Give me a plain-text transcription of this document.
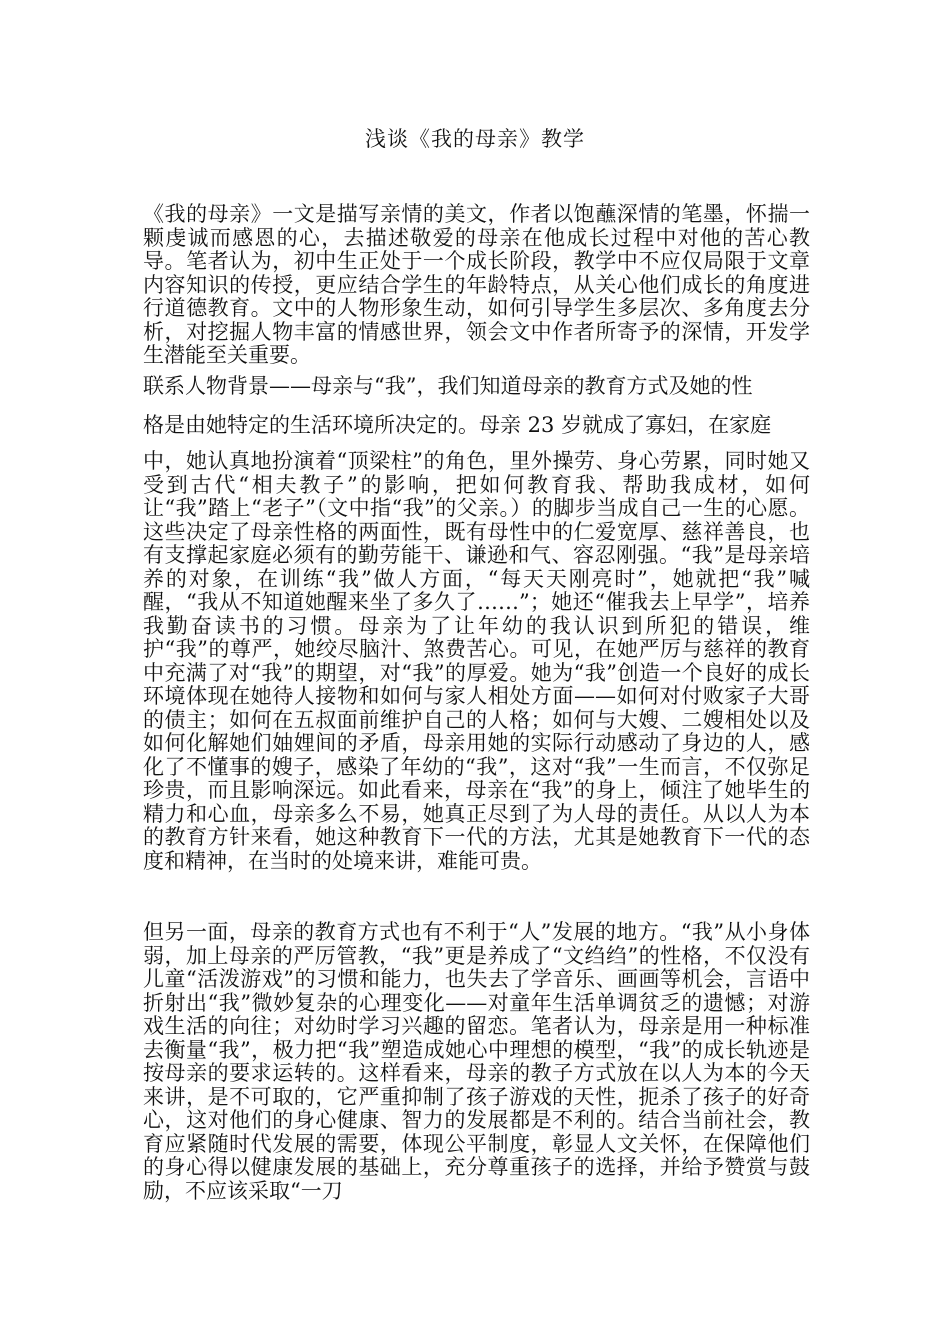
浅谈《我的母亲》教学

《我的母亲》一文是描写亲情的美文，作者以饱蘸深情的笔墨，怀揣一颗虔诚而感恩的心，去描述敬爱的母亲在他成长过程中对他的苦心教导。笔者认为，初中生正处于一个成长阶段，教学中不应仅局限于文章内容知识的传授，更应结合学生的年龄特点，从关心他们成长的角度进行道德教育。文中的人物形象生动，如何引导学生多层次、多角度去分析，对挖掘人物丰富的情感世界，领会文中作者所寄予的深情，开发学生潜能至关重要。

联系人物背景——母亲与“我”，我们知道母亲的教育方式及她的性

格是由她特定的生活环境所决定的。母亲 23 岁就成了寡妇，在家庭

中，她认真地扮演着“顶梁柱”的角色，里外操劳、身心劳累，同时她又受到古代“相夫教子”的影响，把如何教育我、帮助我成材，如何让“我”踏上“老子”（文中指“我”的父亲。）的脚步当成自己一生的心愿。这些决定了母亲性格的两面性，既有母性中的仁爱宽厚、慈祥善良，也有支撑起家庭必须有的勤劳能干、谦逊和气、容忍刚强。“我”是母亲培养的对象，在训练“我”做人方面，“每天天刚亮时”，她就把“我”喊醒，“我从不知道她醒来坐了多久了……”；她还“催我去上早学”，培养我勤奋读书的习惯。母亲为了让年幼的我认识到所犯的错误，维护“我”的尊严，她绞尽脑汁、煞费苦心。可见，在她严厉与慈祥的教育中充满了对“我”的期望，对“我”的厚爱。她为“我”创造一个良好的成长环境体现在她待人接物和如何与家人相处方面——如何对付败家子大哥的债主；如何在五叔面前维护自己的人格；如何与大嫂、二嫂相处以及如何化解她们妯娌间的矛盾，母亲用她的实际行动感动了身边的人，感化了不懂事的嫂子，感染了年幼的“我”，这对“我”一生而言，不仅弥足珍贵，而且影响深远。如此看来，母亲在“我”的身上，倾注了她毕生的精力和心血，母亲多么不易，她真正尽到了为人母的责任。从以人为本的教育方针来看，她这种教育下一代的方法，尤其是她教育下一代的态度和精神，在当时的处境来讲，难能可贵。

但另一面，母亲的教育方式也有不利于“人”发展的地方。“我”从小身体弱，加上母亲的严厉管教，“我”更是养成了“文绉绉”的性格，不仅没有儿童“活泼游戏”的习惯和能力，也失去了学音乐、画画等机会，言语中折射出“我”微妙复杂的心理变化——对童年生活单调贫乏的遗憾；对游戏生活的向往；对幼时学习兴趣的留恋。笔者认为，母亲是用一种标准去衡量“我”，极力把“我”塑造成她心中理想的模型，“我”的成长轨迹是按母亲的要求运转的。这样看来，母亲的教子方式放在以人为本的今天来讲，是不可取的，它严重抑制了孩子游戏的天性，扼杀了孩子的好奇心，这对他们的身心健康、智力的发展都是不利的。结合当前社会，教育应紧随时代发展的需要，体现公平制度，彰显人文关怀，在保障他们的身心得以健康发展的基础上，充分尊重孩子的选择，并给予赞赏与鼓励，不应该采取“一刀
